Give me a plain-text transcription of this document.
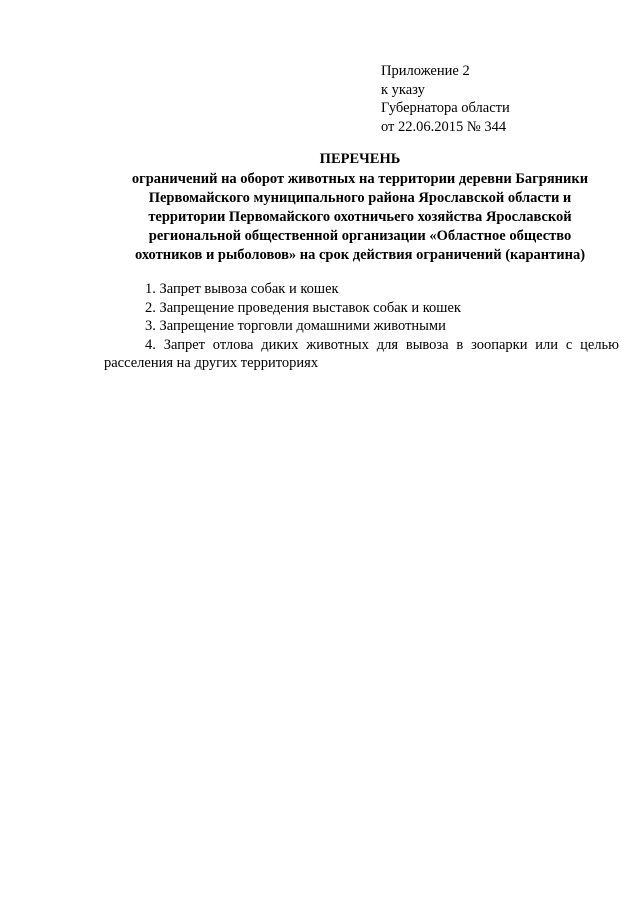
Приложение 2
к указу
Губернатора области
от 22.06.2015 № 344
ПЕРЕЧЕНЬ
ограничений на оборот животных на территории деревни Багряники
Первомайского муниципального района Ярославской области и
территории Первомайского охотничьего хозяйства Ярославской
региональной общественной организации «Областное общество
охотников и рыболовов» на срок действия ограничений (карантина)
1. Запрет вывоза собак и кошек
2. Запрещение проведения выставок собак и кошек
3. Запрещение торговли домашними животными
4. Запрет отлова диких животных для вывоза в зоопарки или с целью расселения на других территориях
